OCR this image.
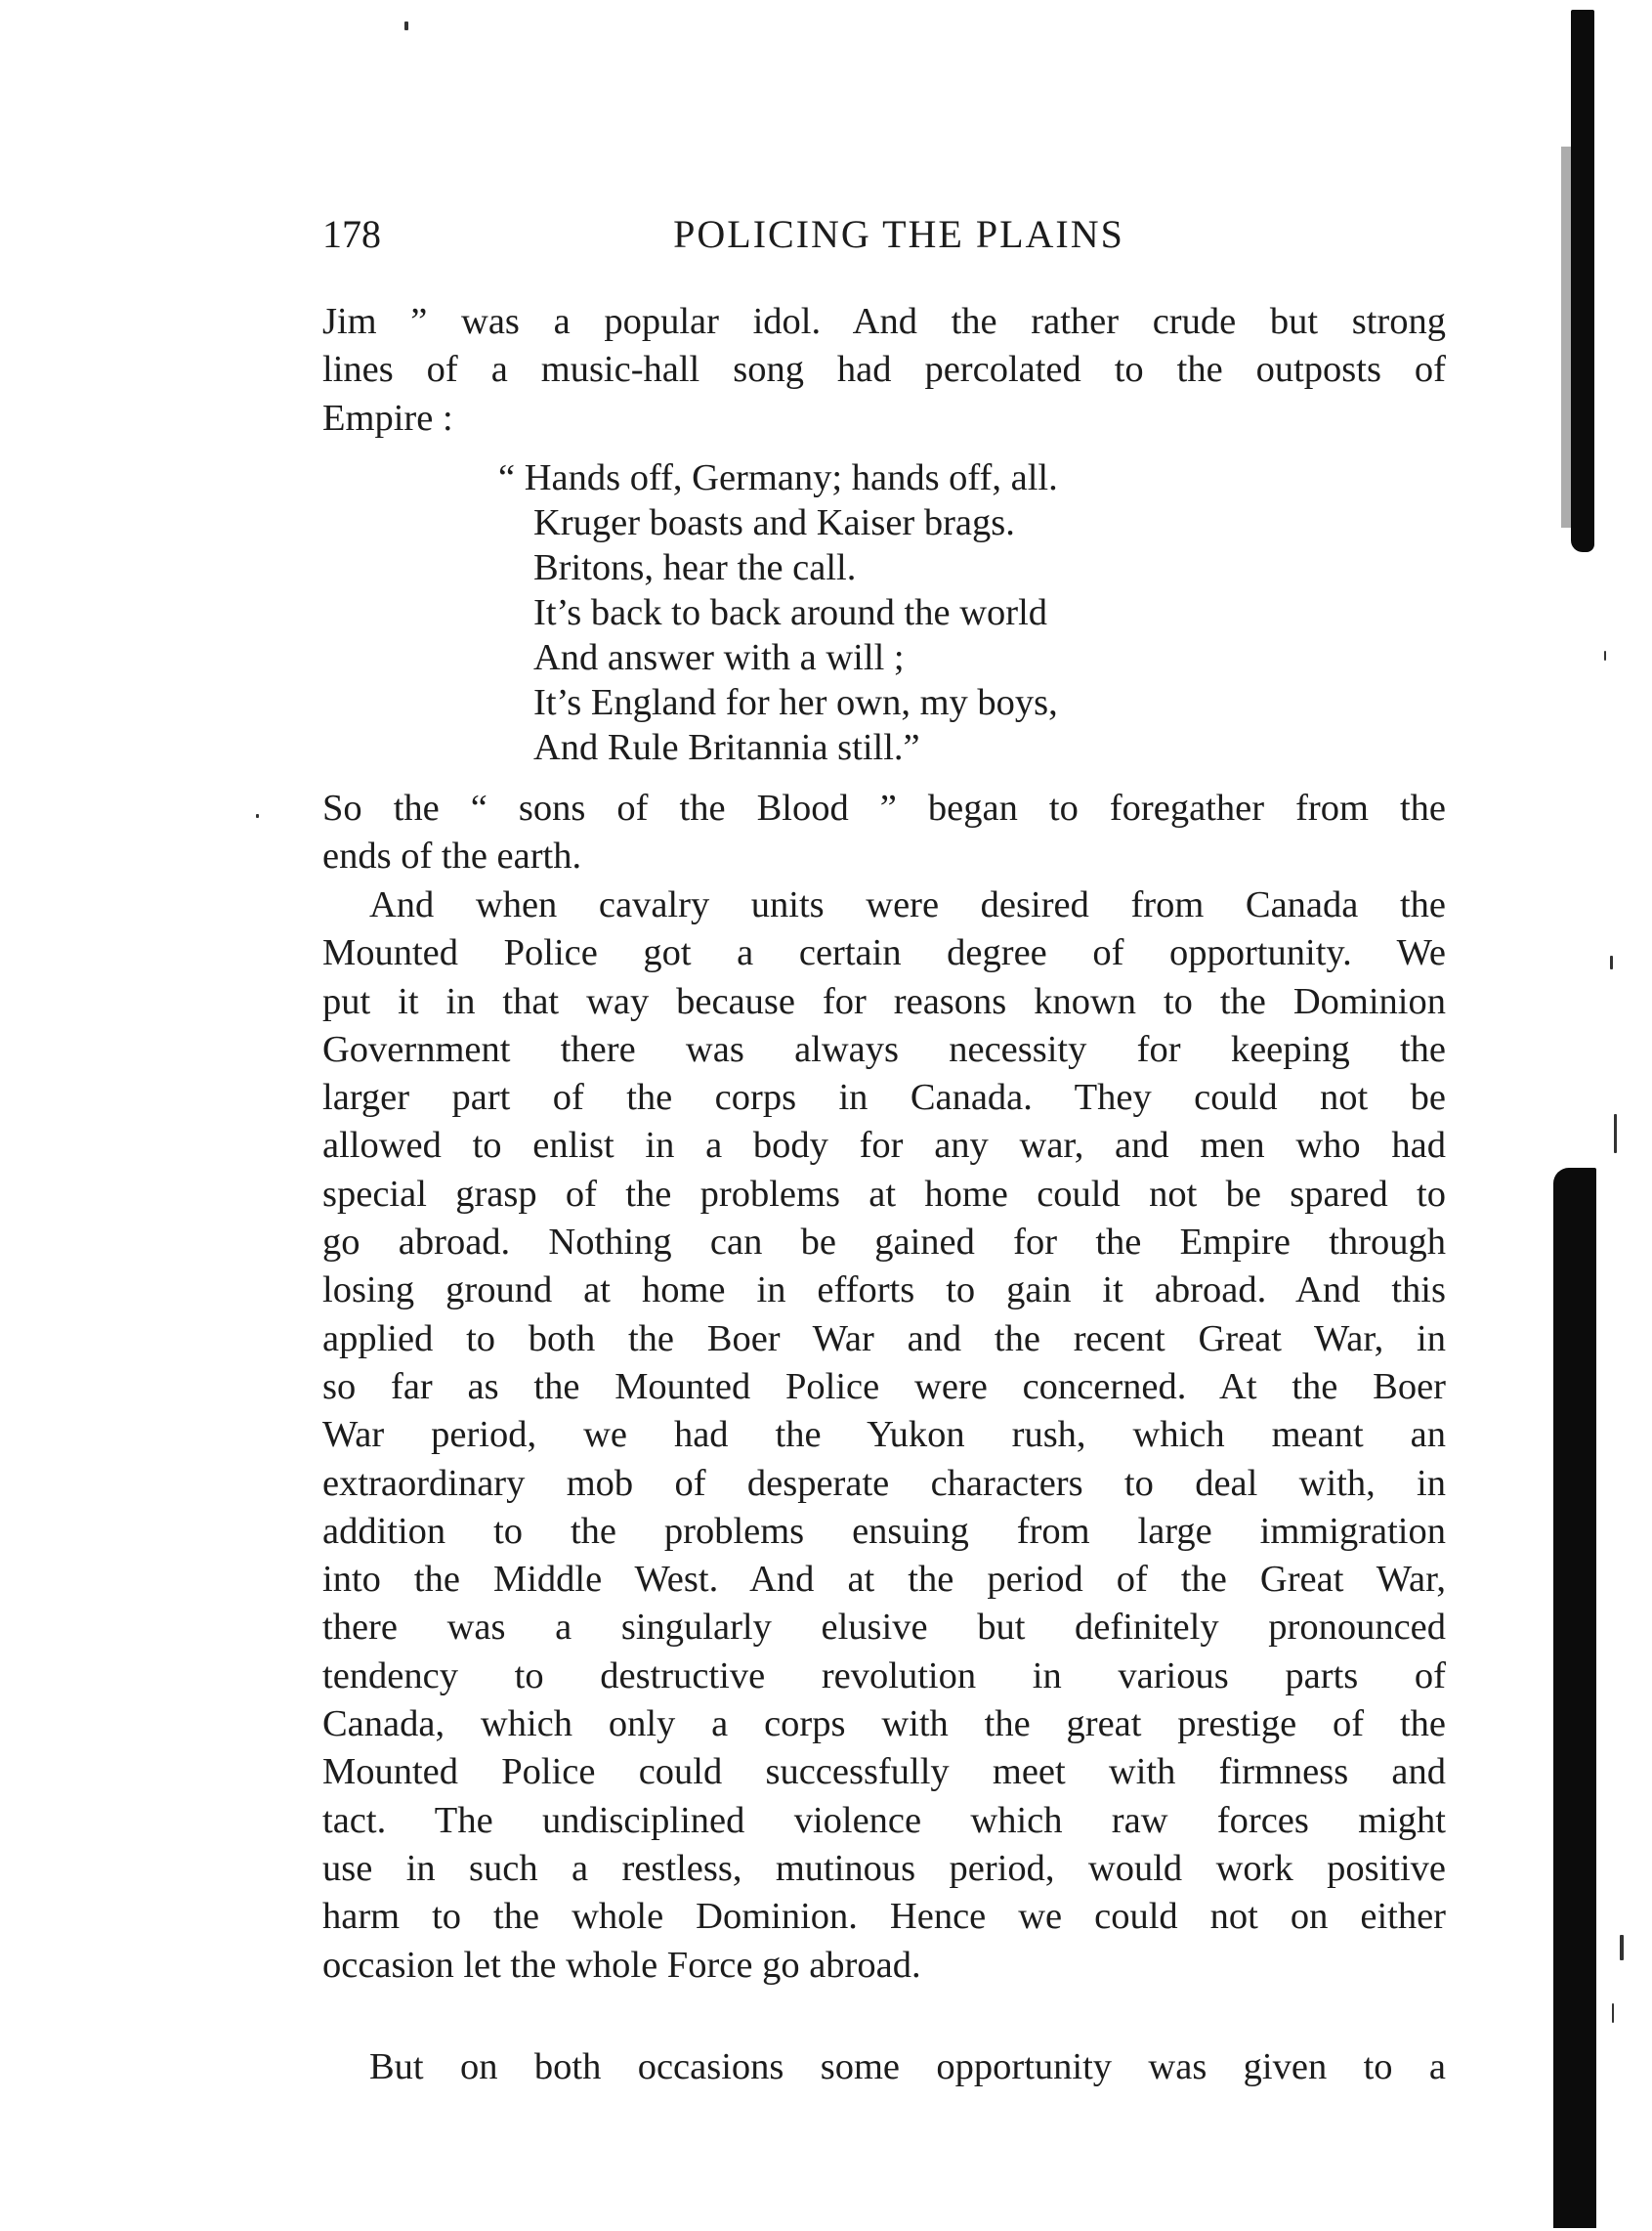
178	POLICING THE PLAINS
Jim ” was a popular idol. And the rather crude but strong
lines of a music-hall song had percolated to the outposts of
Empire :
“ Hands off, Germany; hands off, all.
Kruger boasts and Kaiser brags.
Britons, hear the call.
It’s back to back around the world
And answer with a will ;
It’s England for her own, my boys,
And Rule Britannia still.”
So the “ sons of the Blood ” began to foregather from the
ends of the earth.
And when cavalry units were desired from Canada the
Mounted Police got a certain degree of opportunity. We
put it in that way because for reasons known to the Dominion
Government there was always necessity for keeping the
larger part of the corps in Canada. They could not be
allowed to enlist in a body for any war, and men who had
special grasp of the problems at home could not be spared to
go abroad. Nothing can be gained for the Empire through
losing ground at home in efforts to gain it abroad. And this
applied to both the Boer War and the recent Great War, in
so far as the Mounted Police were concerned. At the Boer
War period, we had the Yukon rush, which meant an
extraordinary mob of desperate characters to deal with, in
addition to the problems ensuing from large immigration
into the Middle West. And at the period of the Great War,
there was a singularly elusive but definitely pronounced
tendency to destructive revolution in various parts of
Canada, which only a corps with the great prestige of the
Mounted Police could successfully meet with firmness and
tact. The undisciplined violence which raw forces might
use in such a restless, mutinous period, would work positive
harm to the whole Dominion. Hence we could not on either
occasion let the whole Force go abroad.
But on both occasions some opportunity was given to a
